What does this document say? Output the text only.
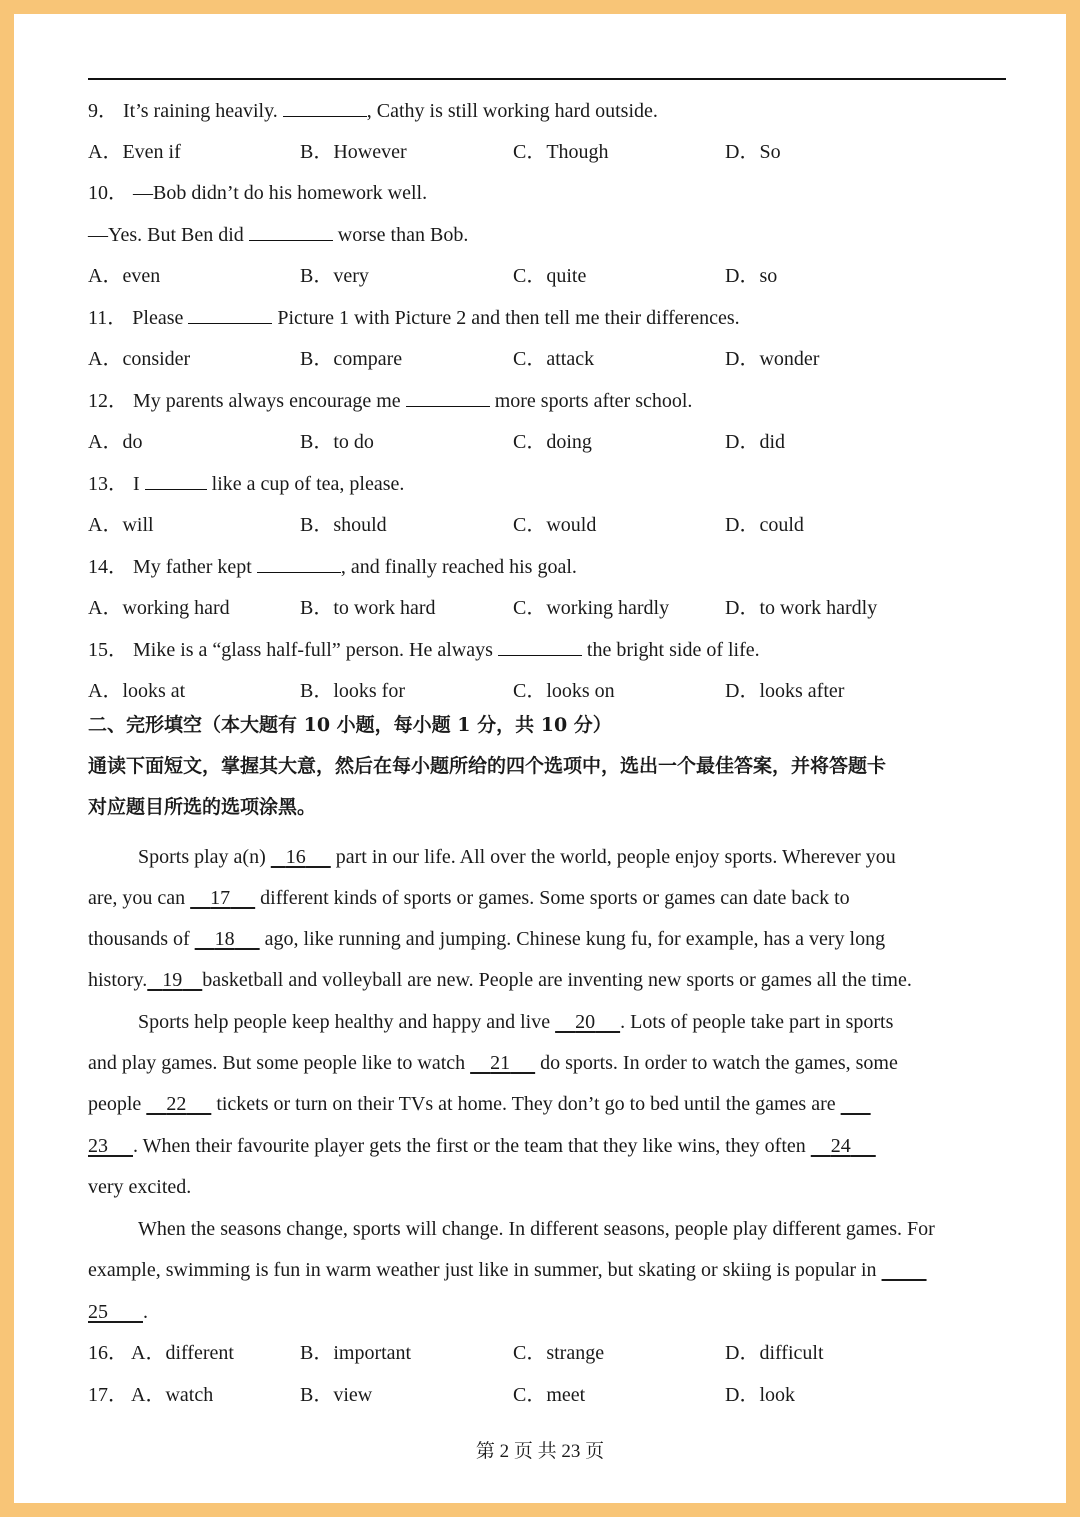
9． It’s raining heavily.	, Cathy is still working hard outside.
A．Even if	B．However	C．Though	D．So
10． —Bob didn’t do his homework well.
—Yes. But Ben did	worse than Bob.
A．even	B．very	C．quite	D．so
11． Please	Picture 1 with Picture 2 and then tell me their differences.
A．consider	B．compare	C．attack	D．wonder
12． My parents always encourage me	more sports after school.
A．do	B．to do	C．doing	D．did
13． I	like a cup of tea, please.
A．will	B．should	C．would	D．could
14． My father kept	, and finally reached his goal.
A．working hard	B．to work hard	C．working hardly	D．to work hardly
15． Mike is a “glass half-full” person. He always	the bright side of life.
A．looks at	B．looks for	C．looks on	D．looks after
二、完形填空（本大题有 10 小题，每小题 1 分，共 10 分）
通读下面短文，掌握其大意，然后在每小题所给的四个选项中，选出一个最佳答案，并将答题卡
对应题目所选的选项涂黑。
Sports play a(n) 16 part in our life. All over the world, people enjoy sports. Wherever you
are, you can 17 different kinds of sports or games. Some sports or games can date back to
thousands of 18 ago, like running and jumping. Chinese kung fu, for example, has a very long
history. 19 basketball and volleyball are new. People are inventing new sports or games all the time.
Sports help people keep healthy and happy and live 20 . Lots of people take part in sports
and play games. But some people like to watch 21 do sports. In order to watch the games, some
people 22 tickets or turn on their TVs at home. They don’t go to bed until the games are
23 . When their favourite player gets the first or the team that they like wins, they often 24
very excited.
When the seasons change, sports will change. In different seasons, people play different games. For
example, swimming is fun in warm weather just like in summer, but skating or skiing is popular in
25 .
16． A．different	B．important	C．strange	D．difficult
17． A．watch	B．view	C．meet	D．look
第 2 页 共 23 页
